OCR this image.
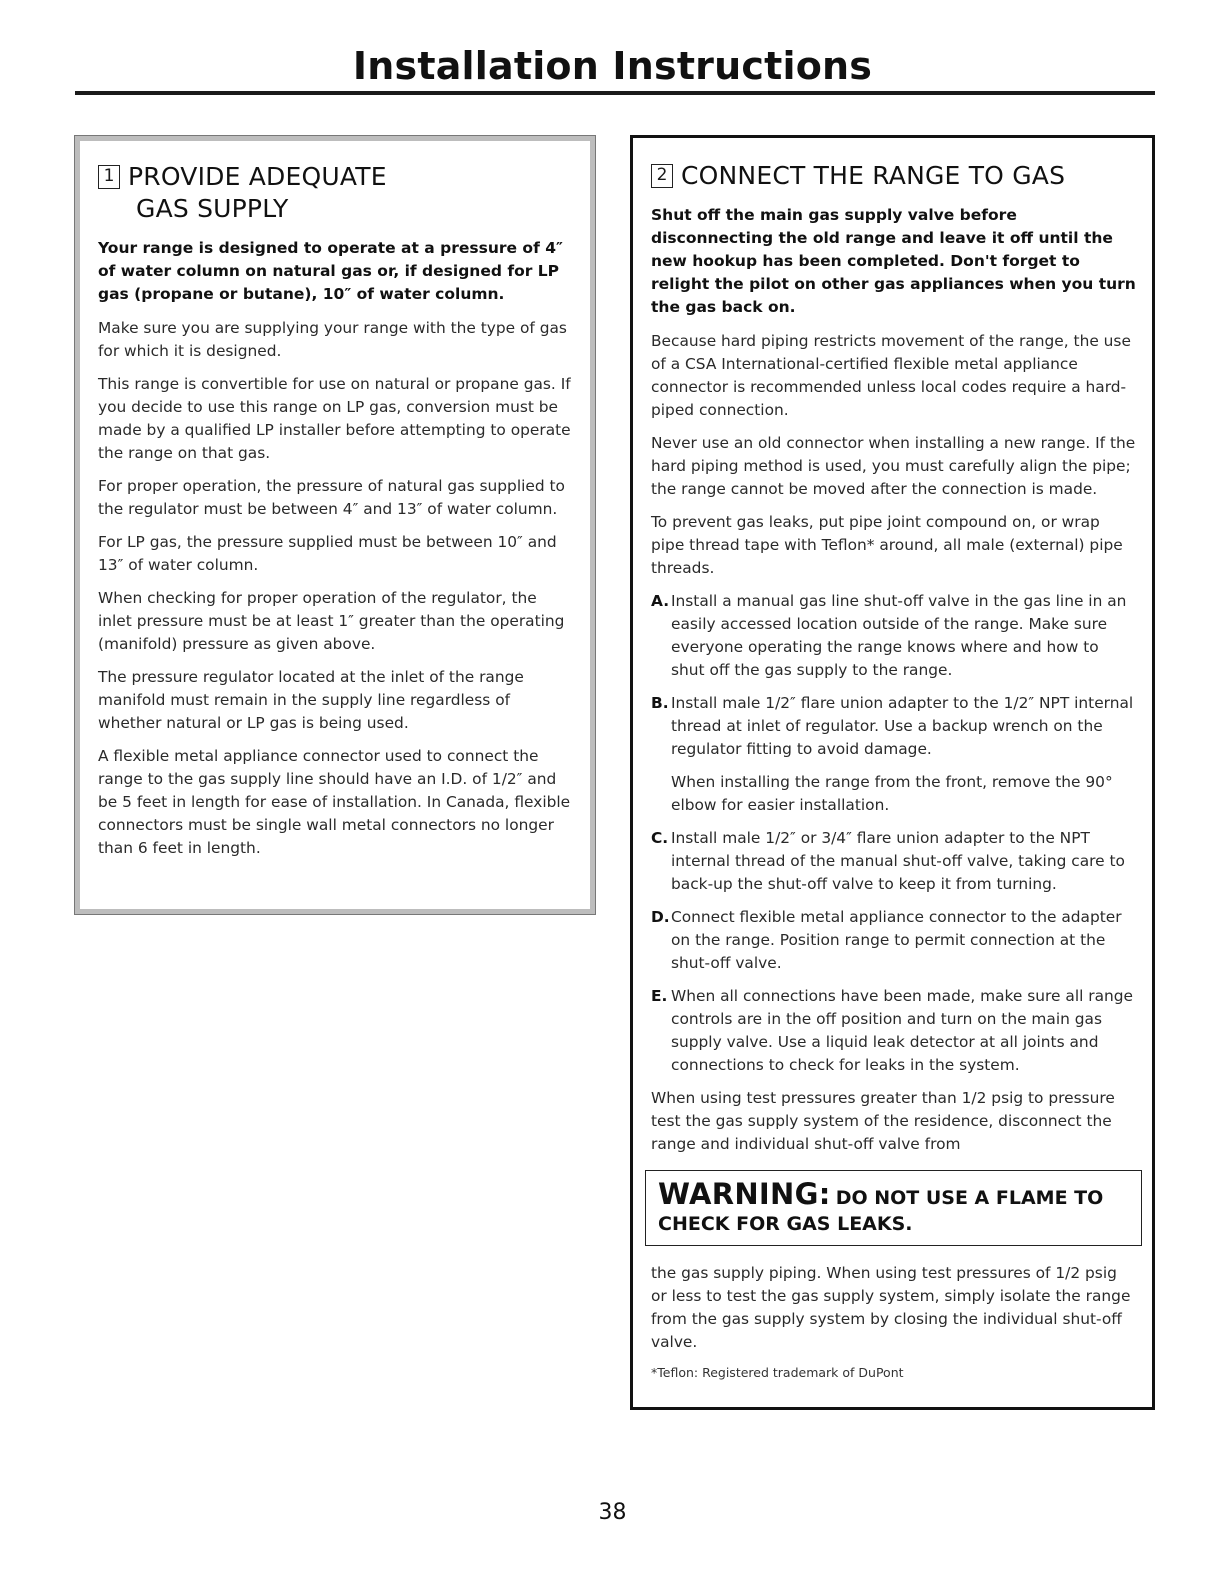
Installation Instructions
1 PROVIDE ADEQUATE
GAS SUPPLY

Your range is designed to operate at a pressure of 4″ of water column on natural gas or, if designed for LP gas (propane or butane), 10″ of water column.

Make sure you are supplying your range with the type of gas for which it is designed.

This range is convertible for use on natural or propane gas. If you decide to use this range on LP gas, conversion must be made by a qualified LP installer before attempting to operate the range on that gas.

For proper operation, the pressure of natural gas supplied to the regulator must be between 4″ and 13″ of water column.

For LP gas, the pressure supplied must be between 10″ and 13″ of water column.

When checking for proper operation of the regulator, the inlet pressure must be at least 1″ greater than the operating (manifold) pressure as given above.

The pressure regulator located at the inlet of the range manifold must remain in the supply line regardless of whether natural or LP gas is being used.

A flexible metal appliance connector used to connect the range to the gas supply line should have an I.D. of 1/2″ and be 5 feet in length for ease of installation. In Canada, flexible connectors must be single wall metal connectors no longer than 6 feet in length.

2 CONNECT THE RANGE TO GAS

Shut off the main gas supply valve before disconnecting the old range and leave it off until the new hookup has been completed. Don't forget to relight the pilot on other gas appliances when you turn the gas back on.

Because hard piping restricts movement of the range, the use of a CSA International-certified flexible metal appliance connector is recommended unless local codes require a hard-piped connection.

Never use an old connector when installing a new range. If the hard piping method is used, you must carefully align the pipe; the range cannot be moved after the connection is made.

To prevent gas leaks, put pipe joint compound on, or wrap pipe thread tape with Teflon* around, all male (external) pipe threads.

A. Install a manual gas line shut-off valve in the gas line in an easily accessed location outside of the range. Make sure everyone operating the range knows where and how to shut off the gas supply to the range.
B. Install male 1/2″ flare union adapter to the 1/2″ NPT internal thread at inlet of regulator. Use a backup wrench on the regulator fitting to avoid damage.
When installing the range from the front, remove the 90° elbow for easier installation.
C. Install male 1/2″ or 3/4″ flare union adapter to the NPT internal thread of the manual shut-off valve, taking care to back-up the shut-off valve to keep it from turning.
D. Connect flexible metal appliance connector to the adapter on the range. Position range to permit connection at the shut-off valve.
E. When all connections have been made, make sure all range controls are in the off position and turn on the main gas supply valve. Use a liquid leak detector at all joints and connections to check for leaks in the system.

When using test pressures greater than 1/2 psig to pressure test the gas supply system of the residence, disconnect the range and individual shut-off valve from

WARNING: DO NOT USE A FLAME TO
CHECK FOR GAS LEAKS.

the gas supply piping. When using test pressures of 1/2 psig or less to test the gas supply system, simply isolate the range from the gas supply system by closing the individual shut-off valve.

*Teflon: Registered trademark of DuPont

38
